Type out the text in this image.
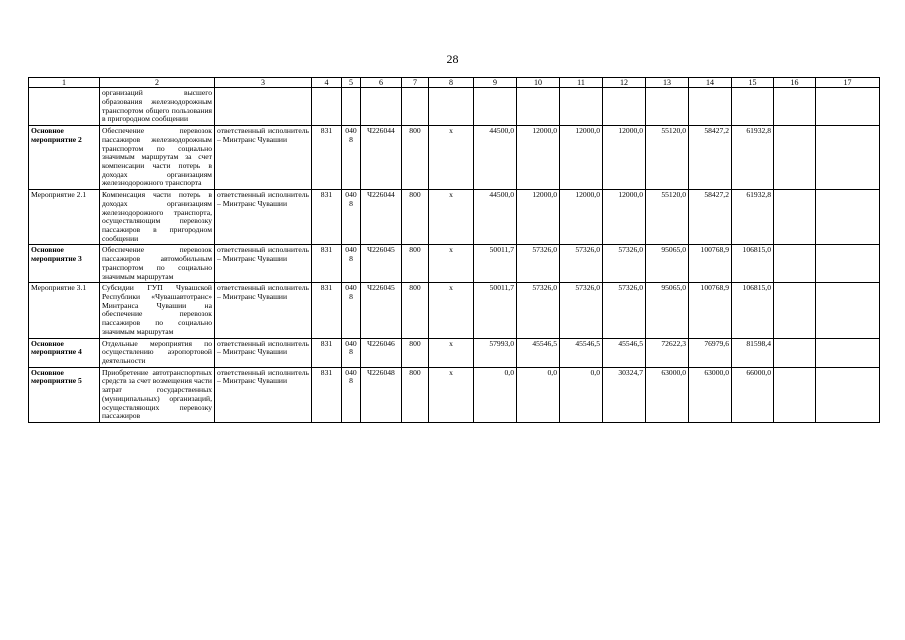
28
1	2	3	4	5	6	7	8	9	10	11	12	13	14	15	16	17
	организаций высшего образования железнодорожным транспортом общего пользования в пригородном сообщении															
Основное мероприятие 2	Обеспечение перевозок пассажиров железнодорожным транспортом по социально значимым маршрутам за счет компенсации части потерь в доходах организациям железнодорожного транспорта	ответственный исполнитель – Минтранс Чувашии	831	0408	Ч226044	800	х	44500,0	12000,0	12000,0	12000,0	55120,0	58427,2	61932,8		
Мероприятие 2.1	Компенсация части потерь в доходах организациям железнодорожного транспорта, осуществляющим перевозку пассажиров в пригородном сообщении	ответственный исполнитель – Минтранс Чувашии	831	0408	Ч226044	800	х	44500,0	12000,0	12000,0	12000,0	55120,0	58427,2	61932,8		
Основное мероприятие 3	Обеспечение перевозок пассажиров автомобильным транспортом по социально значимым маршрутам	ответственный исполнитель – Минтранс Чувашии	831	0408	Ч226045	800	х	50011,7	57326,0	57326,0	57326,0	95065,0	100768,9	106815,0		
Мероприятие 3.1	Субсидии ГУП Чувашской Республики «Чувашавтотранс» Минтранса Чувашии на обеспечение перевозок пассажиров по социально значимым маршрутам	ответственный исполнитель – Минтранс Чувашии	831	0408	Ч226045	800	х	50011,7	57326,0	57326,0	57326,0	95065,0	100768,9	106815,0		
Основное мероприятие 4	Отдельные мероприятия по осуществлению аэропортовой деятельности	ответственный исполнитель – Минтранс Чувашии	831	0408	Ч226046	800	х	57993,0	45546,5	45546,5	45546,5	72622,3	76979,6	81598,4		
Основное мероприятие 5	Приобретение автотранспортных средств за счет возмещения части затрат государственных (муниципальных) организаций, осуществляющих перевозку пассажиров	ответственный исполнитель – Минтранс Чувашии	831	0408	Ч226048	800	х	0,0	0,0	0,0	30324,7	63000,0	63000,0	66000,0		
